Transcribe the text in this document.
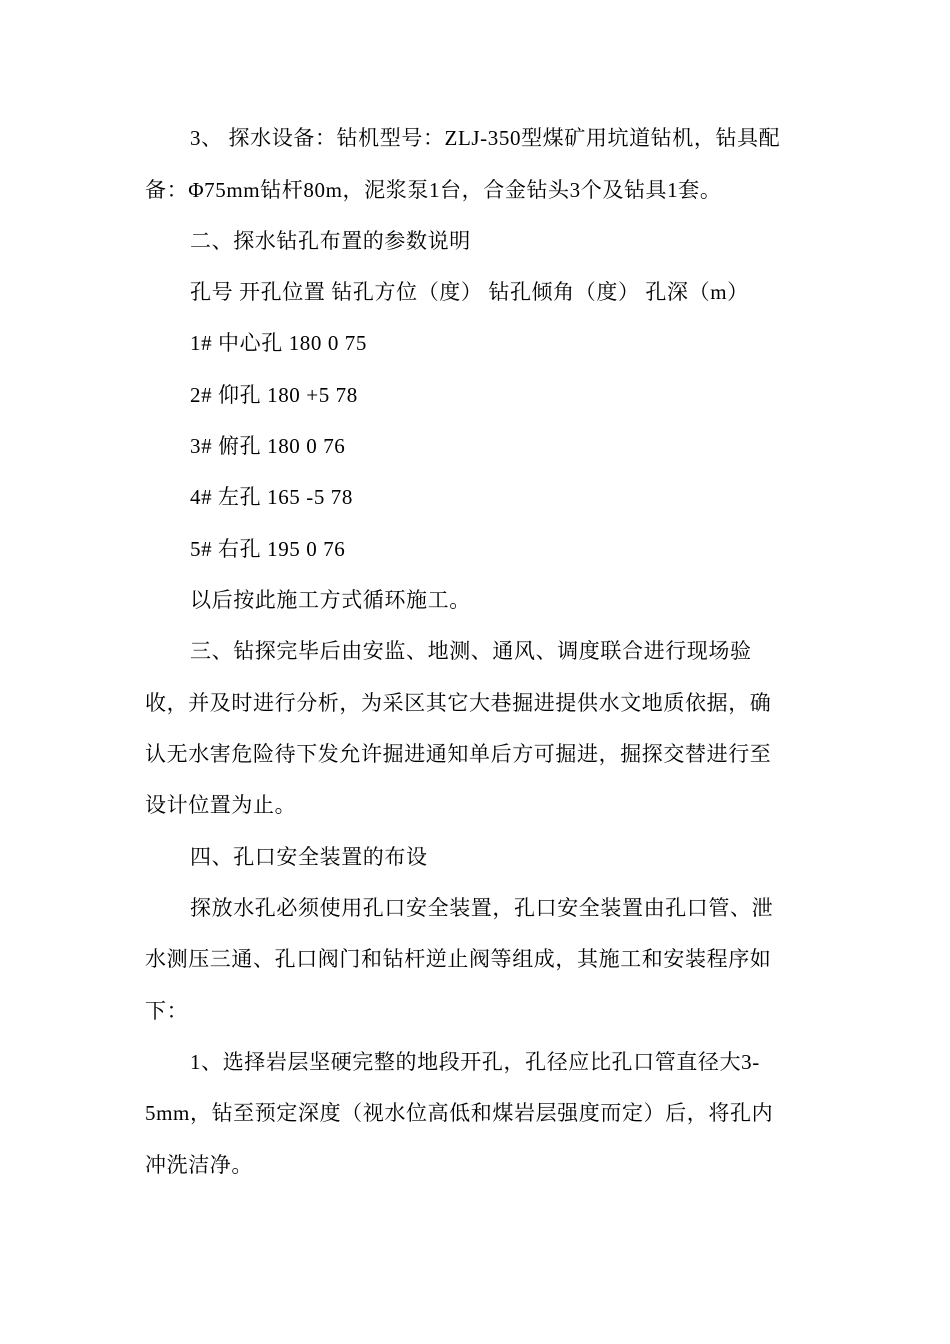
3、 探水设备：钻机型号：ZLJ-350型煤矿用坑道钻机，钻具配
备：Φ75mm钻杆80m，泥浆泵1台，合金钻头3个及钻具1套。
二、探水钻孔布置的参数说明
孔号 开孔位置 钻孔方位（度） 钻孔倾角（度） 孔深（m）
1# 中心孔 180 0 75
2# 仰孔 180 +5 78
3# 俯孔 180 0 76
4# 左孔 165 -5 78
5# 右孔 195 0 76
以后按此施工方式循环施工。
三、钻探完毕后由安监、地测、通风、调度联合进行现场验
收，并及时进行分析，为采区其它大巷掘进提供水文地质依据，确
认无水害危险待下发允许掘进通知单后方可掘进，掘探交替进行至
设计位置为止。
四、孔口安全装置的布设
探放水孔必须使用孔口安全装置，孔口安全装置由孔口管、泄
水测压三通、孔口阀门和钻杆逆止阀等组成，其施工和安装程序如
下：
1、选择岩层坚硬完整的地段开孔，孔径应比孔口管直径大3-
5mm，钻至预定深度（视水位高低和煤岩层强度而定）后，将孔内
冲洗洁净。
